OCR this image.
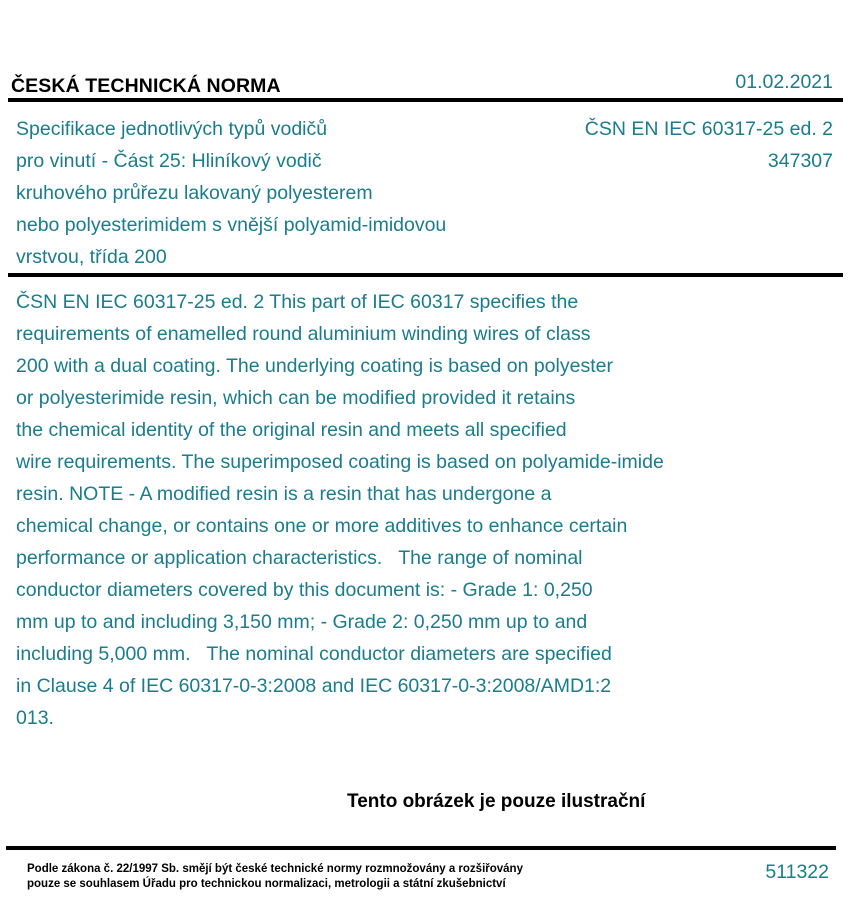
ČESKÁ TECHNICKÁ NORMA	01.02.2021
Specifikace jednotlivých typů vodičů
pro vinutí - Část 25: Hliníkový vodič
kruhového průřezu lakovaný polyesterem
nebo polyesterimidem s vnější polyamid-imidovou
vrstvou, třída 200
ČSN EN IEC 60317-25 ed. 2
347307
ČSN EN IEC 60317-25 ed. 2 This part of IEC 60317 specifies the
requirements of enamelled round aluminium winding wires of class
200 with a dual coating. The underlying coating is based on polyester
or polyesterimide resin, which can be modified provided it retains
the chemical identity of the original resin and meets all specified
wire requirements. The superimposed coating is based on polyamide-imide
resin. NOTE - A modified resin is a resin that has undergone a
chemical change, or contains one or more additives to enhance certain
performance or application characteristics.   The range of nominal
conductor diameters covered by this document is: - Grade 1: 0,250
mm up to and including 3,150 mm; - Grade 2: 0,250 mm up to and
including 5,000 mm.   The nominal conductor diameters are specified
in Clause 4 of IEC 60317-0-3:2008 and IEC 60317-0-3:2008/AMD1:2
013.
Tento obrázek je pouze ilustrační
Podle zákona č. 22/1997 Sb. smějí být české technické normy rozmnožovány a rozšiřovány
pouze se souhlasem Úřadu pro technickou normalizaci, metrologii a státní zkušebnictví
511322
